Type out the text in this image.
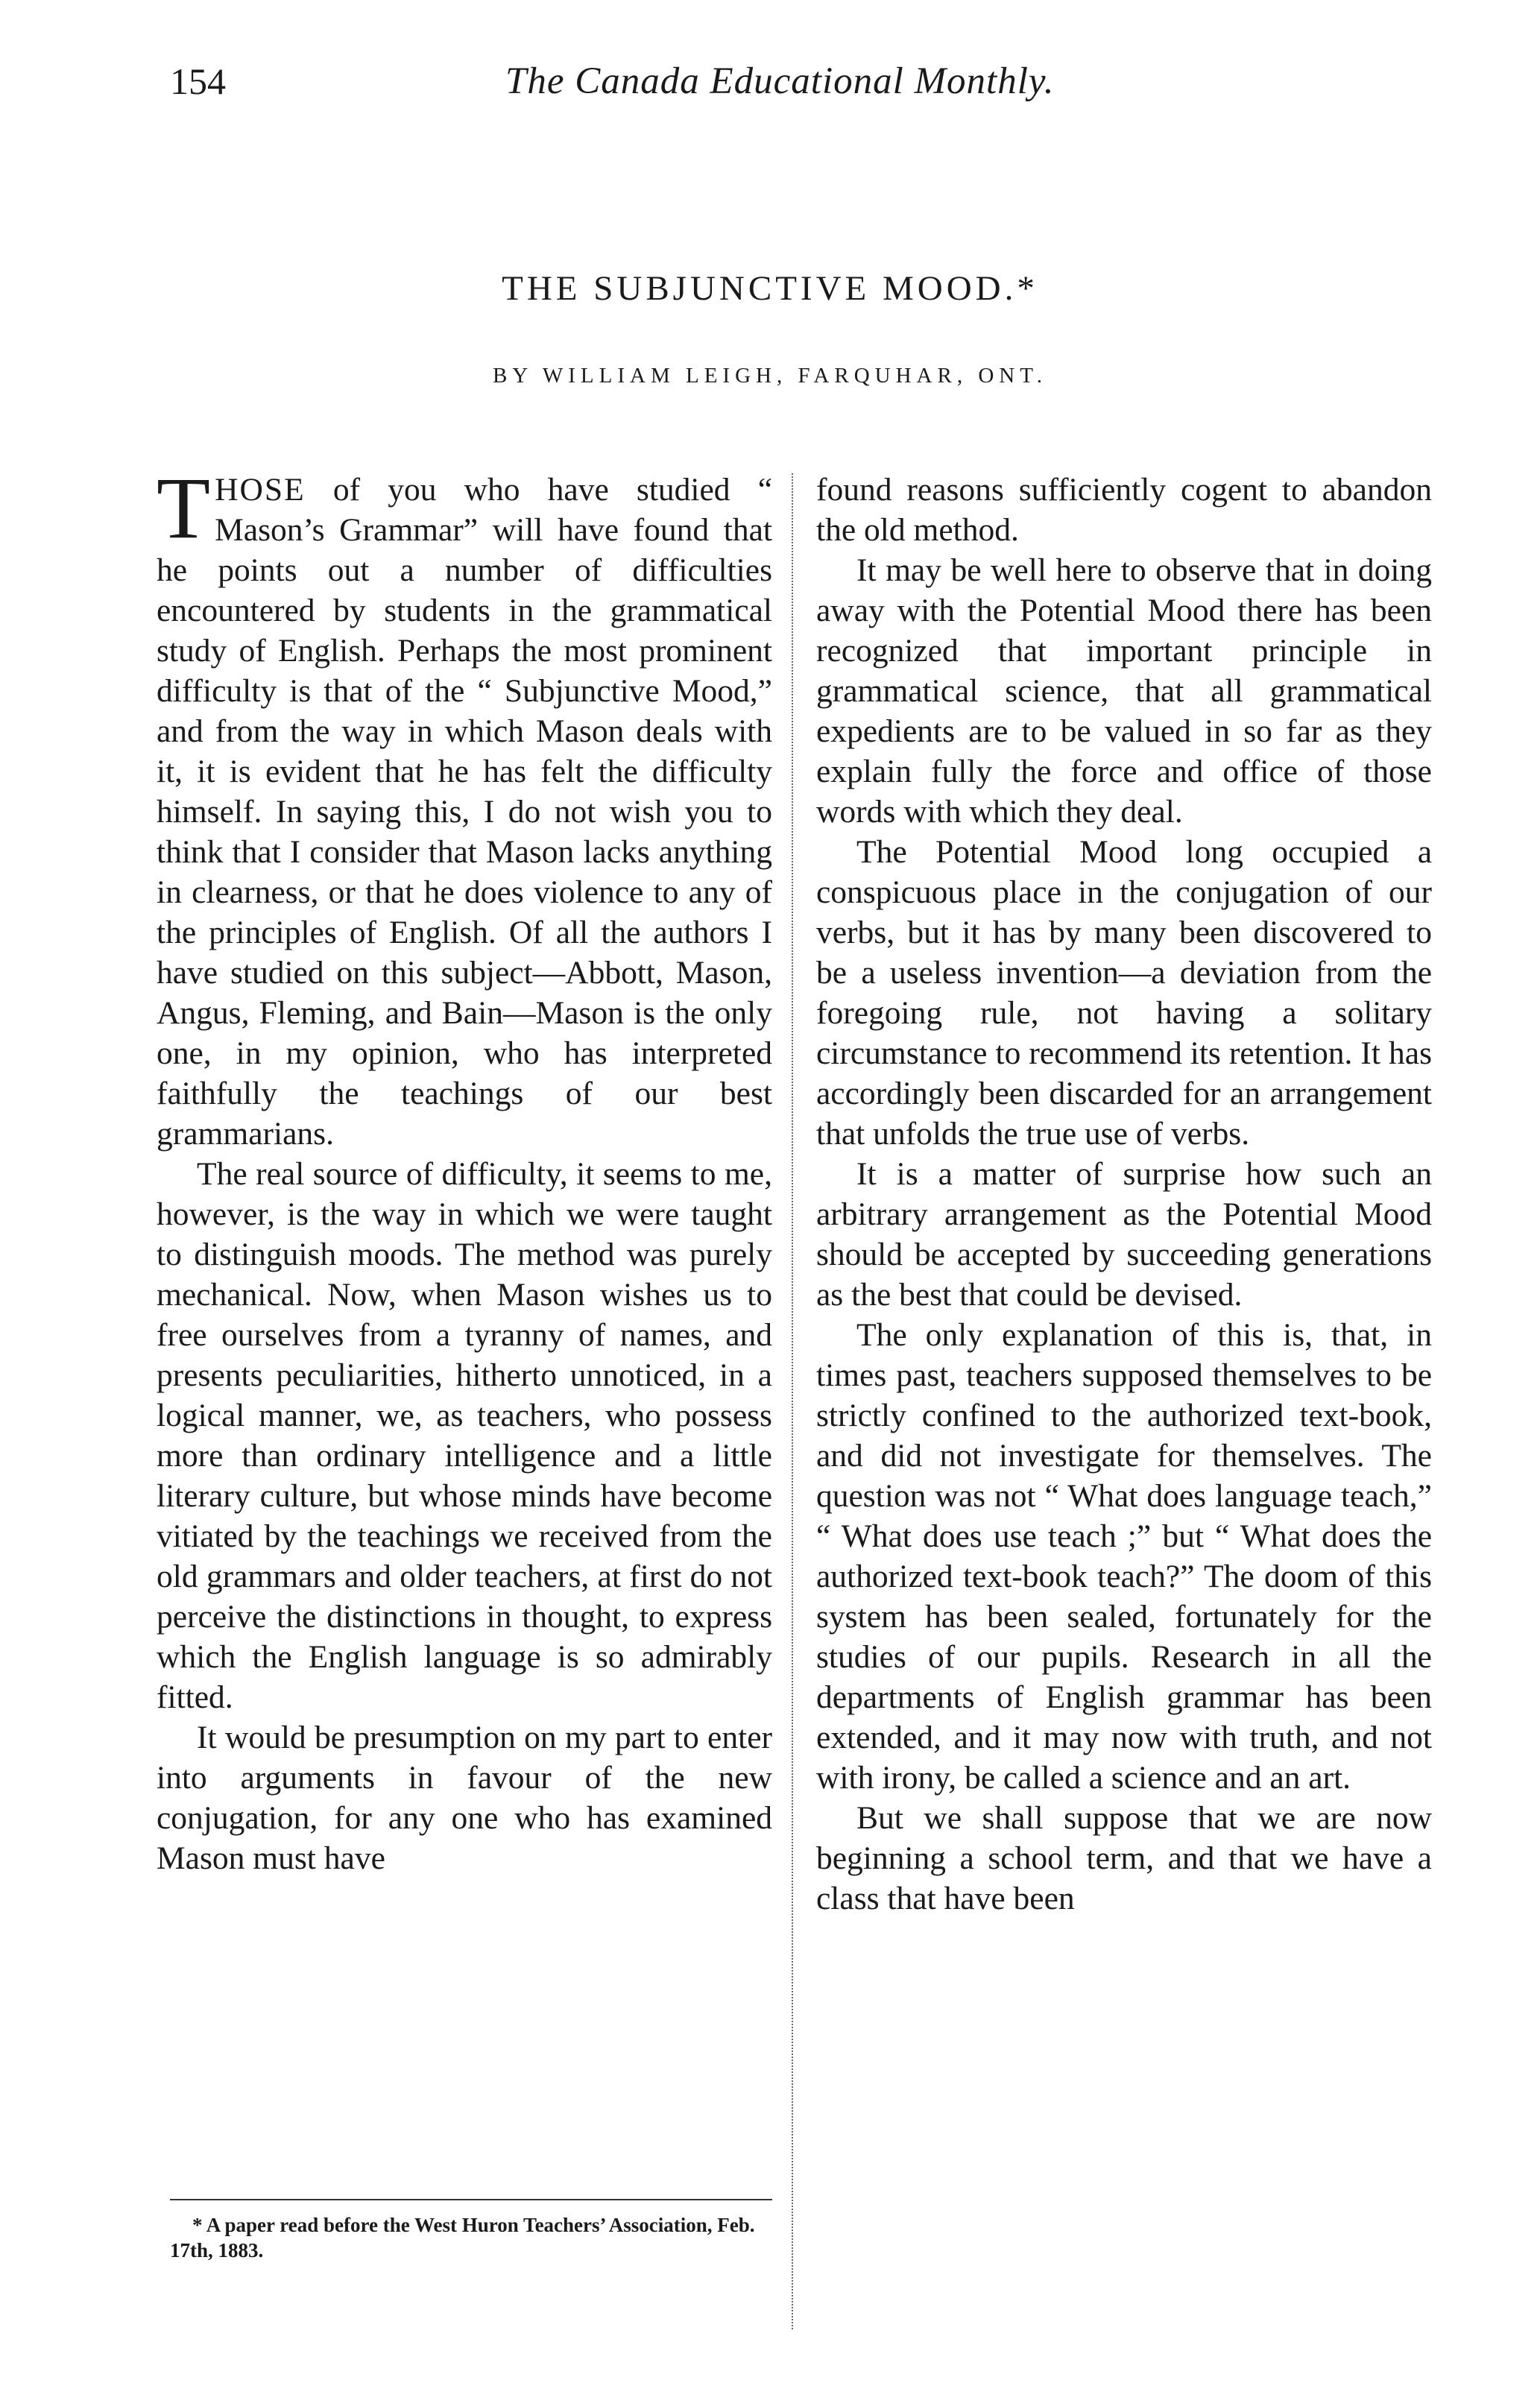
154	The Canada Educational Monthly.
THE SUBJUNCTIVE MOOD.*
BY WILLIAM LEIGH, FARQUHAR, ONT.

THOSE of you who have studied “ Mason’s Grammar” will have found that he points out a number of difficulties encountered by students in the grammatical study of English. Perhaps the most prominent difficulty is that of the “ Subjunctive Mood,” and from the way in which Mason deals with it, it is evident that he has felt the difficulty himself. In saying this, I do not wish you to think that I consider that Mason lacks anything in clearness, or that he does violence to any of the principles of English. Of all the authors I have studied on this subject—Abbott, Mason, Angus, Fleming, and Bain—Mason is the only one, in my opinion, who has interpreted faithfully the teachings of our best grammarians.

The real source of difficulty, it seems to me, however, is the way in which we were taught to distinguish moods. The method was purely mechanical. Now, when Mason wishes us to free ourselves from a tyranny of names, and presents peculiarities, hitherto unnoticed, in a logical manner, we, as teachers, who possess more than ordinary intelligence and a little literary culture, but whose minds have become vitiated by the teachings we received from the old grammars and older teachers, at first do not perceive the distinctions in thought, to express which the English language is so admirably fitted.

It would be presumption on my part to enter into arguments in favour of the new conjugation, for any one who has examined Mason must have

found reasons sufficiently cogent to abandon the old method.

It may be well here to observe that in doing away with the Potential Mood there has been recognized that important principle in grammatical science, that all grammatical expedients are to be valued in so far as they explain fully the force and office of those words with which they deal.

The Potential Mood long occupied a conspicuous place in the conjugation of our verbs, but it has by many been discovered to be a useless invention—a deviation from the foregoing rule, not having a solitary circumstance to recommend its retention. It has accordingly been discarded for an arrangement that unfolds the true use of verbs.

It is a matter of surprise how such an arbitrary arrangement as the Potential Mood should be accepted by succeeding generations as the best that could be devised.

The only explanation of this is, that, in times past, teachers supposed themselves to be strictly confined to the authorized text-book, and did not investigate for themselves. The question was not “ What does language teach,” “ What does use teach ;” but “ What does the authorized text-book teach?” The doom of this system has been sealed, fortunately for the studies of our pupils. Research in all the departments of English grammar has been extended, and it may now with truth, and not with irony, be called a science and an art.

But we shall suppose that we are now beginning a school term, and that we have a class that have been

* A paper read before the West Huron Teachers’ Association, Feb. 17th, 1883.
